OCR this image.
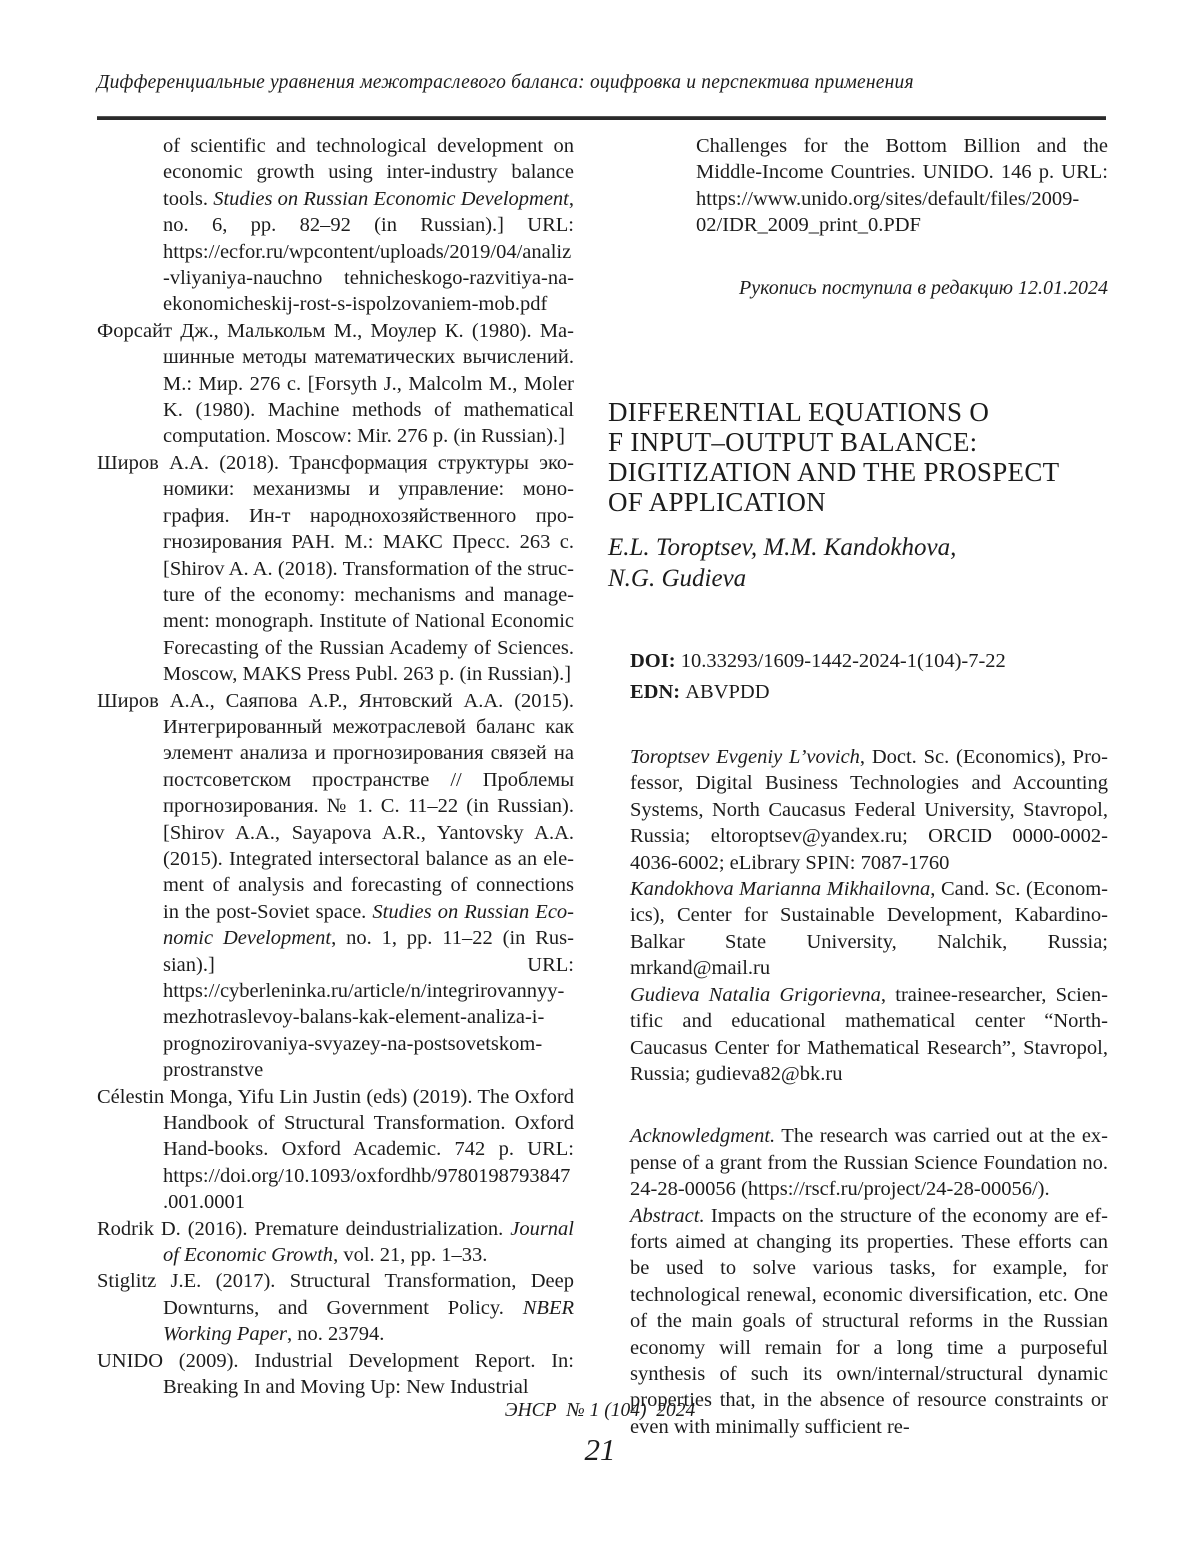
Дифференциальные уравнения межотраслевого баланса: оцифровка и перспектива применения

of scientific and technological development on economic growth using inter-industry balance tools. Studies on Russian Economic Development, no. 6, pp. 82–92 (in Russian).] URL: https://ecfor.ru/wpcontent/uploads/2019/04/analiz-vliyaniya-nauchno tehnicheskogo-razvitiya-na-ekonomicheskij-rost-s-ispolzovaniem-mob.pdf

Форсайт Дж., Малькольм М., Моулер К. (1980). Машинные методы математических вычислений. М.: Мир. 276 с. [Forsyth J., Malcolm M., Moler K. (1980). Machine methods of mathematical computation. Moscow: Mir. 276 p. (in Russian).]

Широв А.А. (2018). Трансформация структуры экономики: механизмы и управление: монография. Ин-т народнохозяйственного прогнозирования РАН. М.: МАКС Пресс. 263 с. [Shirov A. A. (2018). Transformation of the structure of the economy: mechanisms and management: monograph. Institute of National Economic Forecasting of the Russian Academy of Sciences. Moscow, MAKS Press Publ. 263 p. (in Russian).]

Широв А.А., Саяпова А.Р., Янтовский А.А. (2015). Интегрированный межотраслевой баланс как элемент анализа и прогнозирования связей на постсоветском пространстве // Проблемы прогнозирования. № 1. С. 11–22 (in Russian). [Shirov A.A., Sayapova A.R., Yantovsky A.A. (2015). Integrated intersectoral balance as an element of analysis and forecasting of connections in the post-Soviet space. Studies on Russian Economic Development, no. 1, pp. 11–22 (in Russian).] URL: https://cyberleninka.ru/article/n/integrirovannyy-mezhotraslevoy-balans-kak-element-analiza-i-prognozirovaniya-svyazey-na-postsovetskom-prostranstve

Célestin Monga, Yifu Lin Justin (eds) (2019). The Oxford Handbook of Structural Transformation. Oxford Hand-books. Oxford Academic. 742 p. URL: https://doi.org/10.1093/oxfordhb/9780198793847.001.0001

Rodrik D. (2016). Premature deindustrialization. Journal of Economic Growth, vol. 21, pp. 1–33.

Stiglitz J.E. (2017). Structural Transformation, Deep Downturns, and Government Policy. NBER Working Paper, no. 23794.

UNIDO (2009). Industrial Development Report. In: Breaking In and Moving Up: New Industrial

Challenges for the Bottom Billion and the Middle-Income Countries. UNIDO. 146 p. URL: https://www.unido.org/sites/default/files/2009-02/IDR_2009_print_0.PDF

Рукопись поступила в редакцию 12.01.2024

DIFFERENTIAL EQUATIONS O
F INPUT–OUTPUT BALANCE:
DIGITIZATION AND THE PROSPECT
OF APPLICATION

E.L. Toroptsev, M.M. Kandokhova,
N.G. Gudieva

DOI: 10.33293/1609-1442-2024-1(104)-7-22

EDN: ABVPDD

Toroptsev Evgeniy L’vovich, Doct. Sc. (Economics), Professor, Digital Business Technologies and Accounting Systems, North Caucasus Federal University, Stavropol, Russia; eltoroptsev@yandex.ru; ORCID 0000-0002-4036-6002; eLibrary SPIN: 7087-1760

Kandokhova Marianna Mikhailovna, Cand. Sc. (Economics), Center for Sustainable Development, Kabardino-Balkar State University, Nalchik, Russia; mrkand@mail.ru

Gudieva Natalia Grigorievna, trainee-researcher, Scientific and educational mathematical center “North-Caucasus Center for Mathematical Research”, Stavropol, Russia; gudieva82@bk.ru

Acknowledgment. The research was carried out at the expense of a grant from the Russian Science Foundation no. 24-28-00056 (https://rscf.ru/project/24-28-00056/).

Abstract. Impacts on the structure of the economy are efforts aimed at changing its properties. These efforts can be used to solve various tasks, for example, for technological renewal, economic diversification, etc. One of the main goals of structural reforms in the Russian economy will remain for a long time a purposeful synthesis of such its own/internal/structural dynamic properties that, in the absence of resource constraints or even with minimally sufficient re-

ЭНСР  № 1 (104)  2024
21
